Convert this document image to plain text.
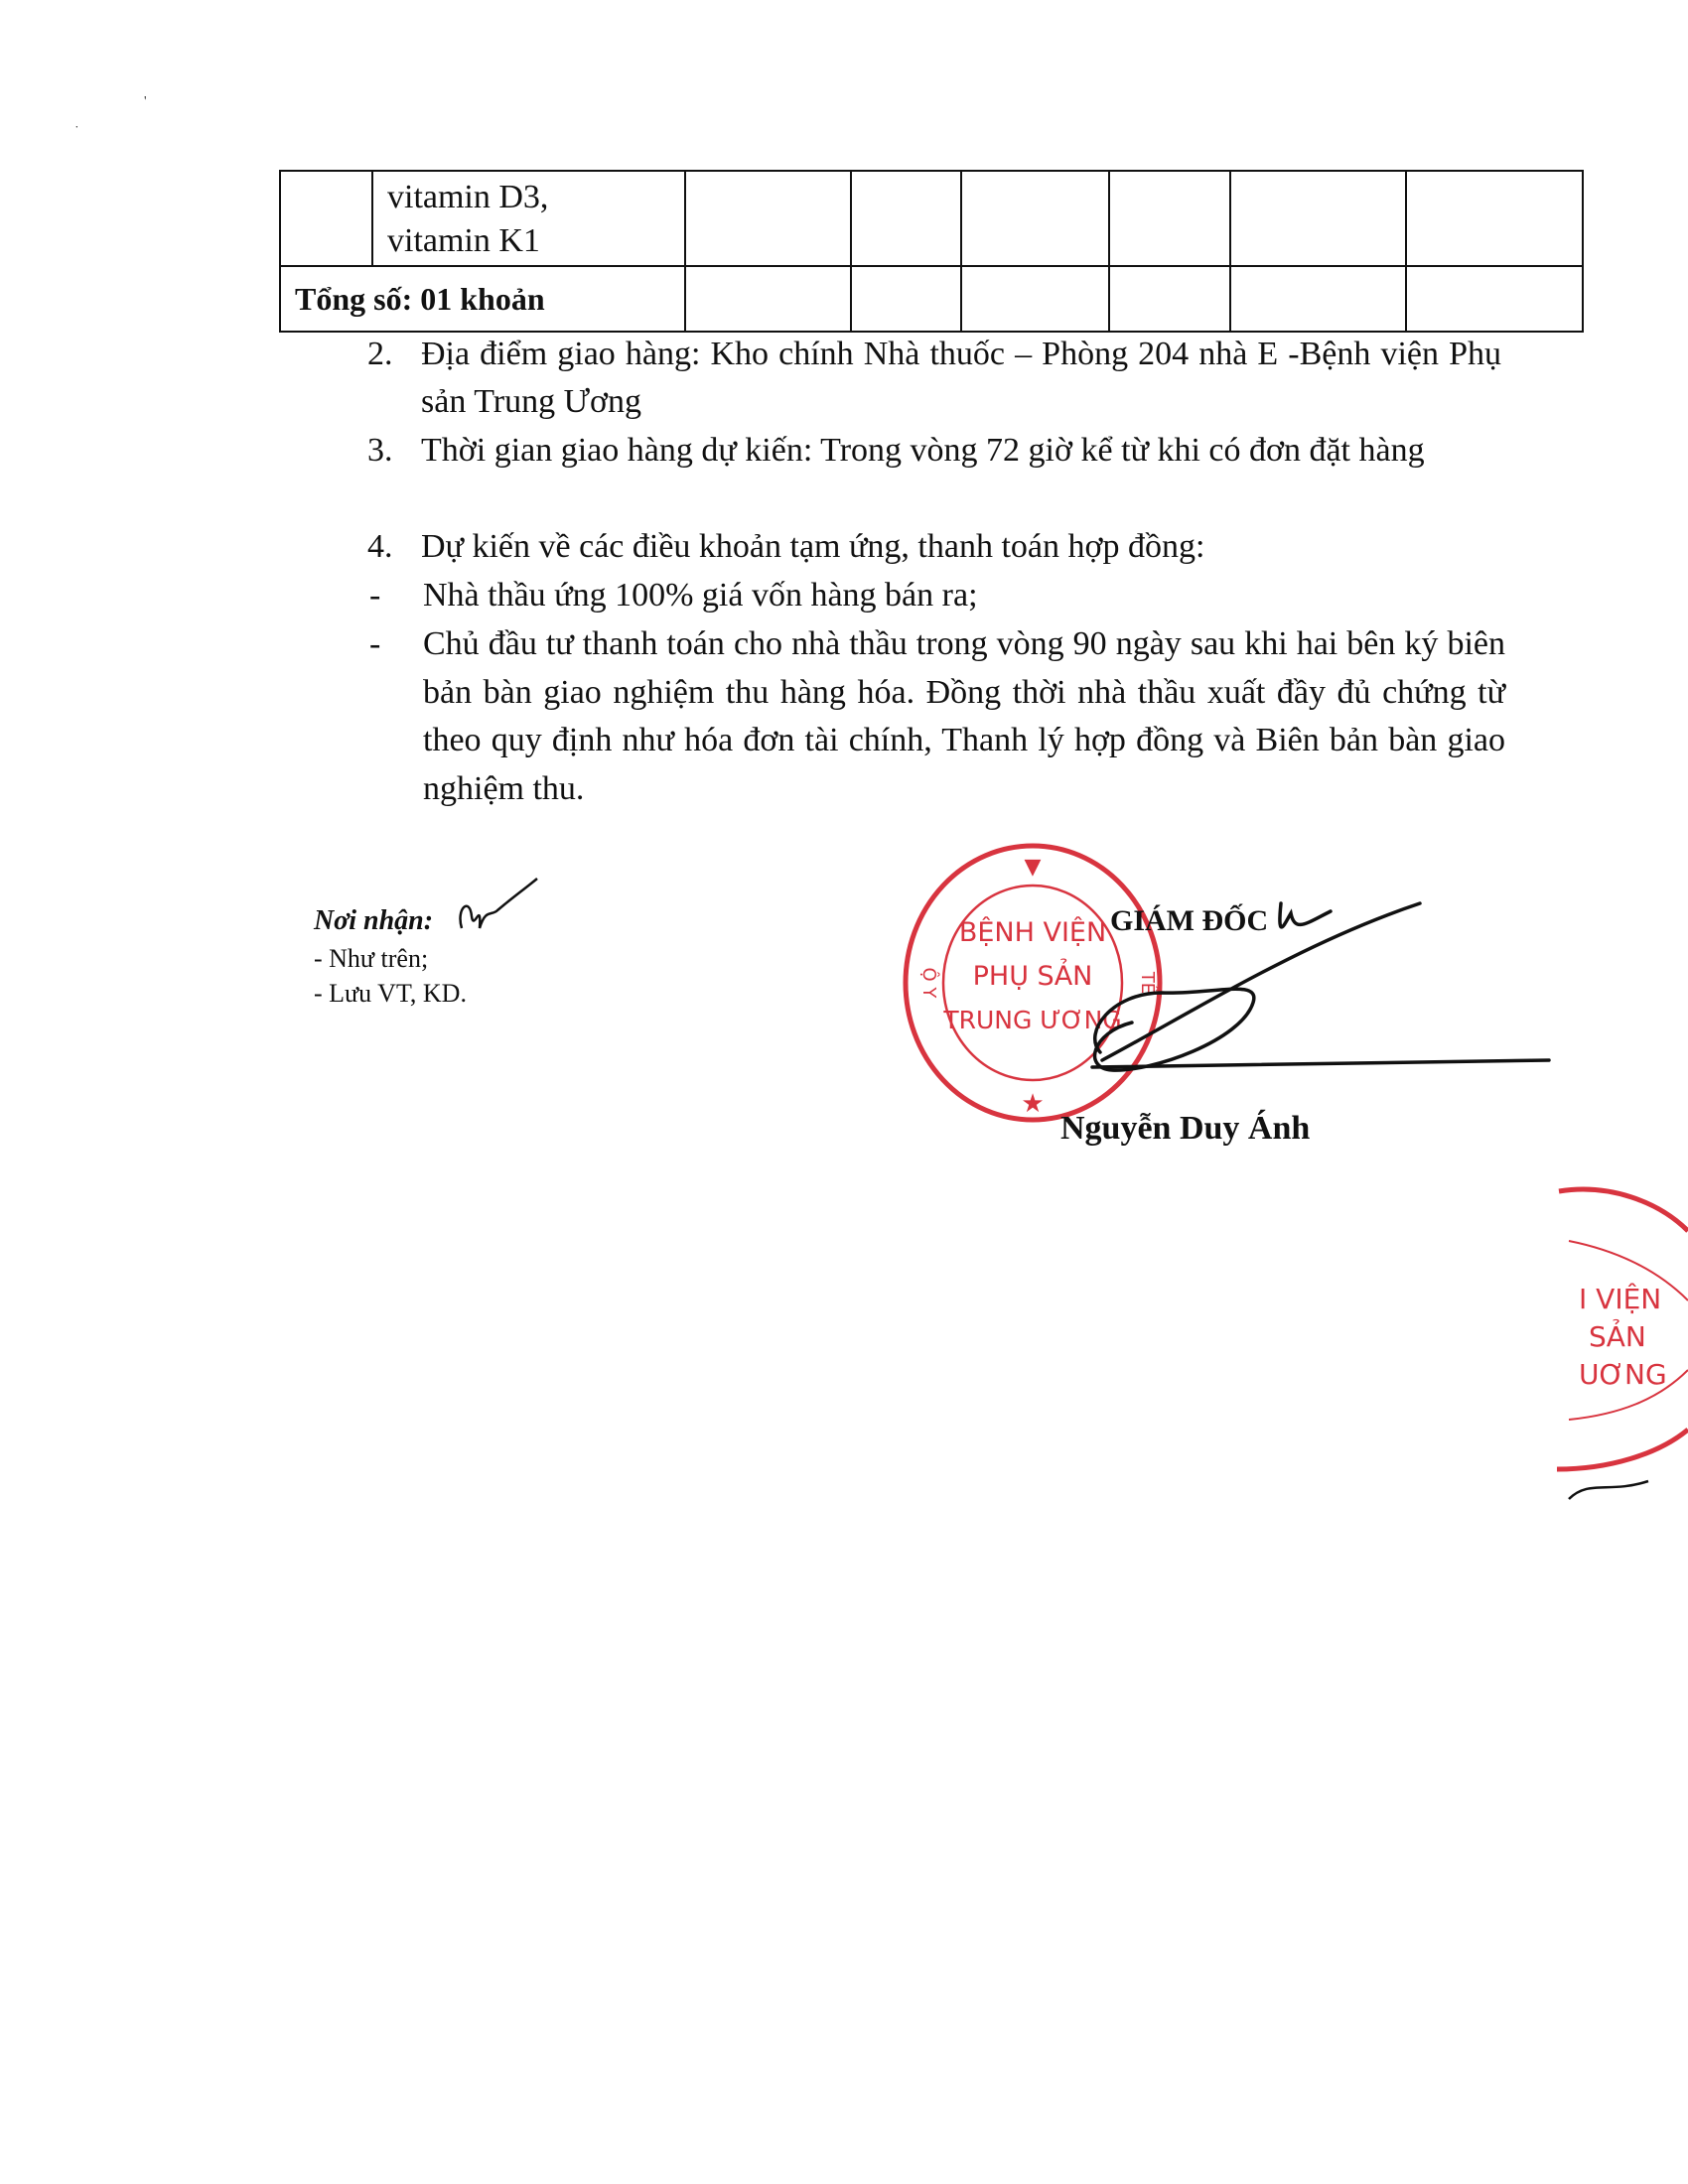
'
˙

	vitamin D3,
vitamin K1						

Tổng số: 01 khoản							
2. Địa điểm giao hàng: Kho chính Nhà thuốc – Phòng 204 nhà E -Bệnh viện Phụ sản Trung Ương
3. Thời gian giao hàng dự kiến: Trong vòng 72 giờ kể từ khi có đơn đặt hàng
4. Dự kiến về các điều khoản tạm ứng, thanh toán hợp đồng:
- Nhà thầu ứng 100% giá vốn hàng bán ra;
- Chủ đầu tư thanh toán cho nhà thầu trong vòng 90 ngày sau khi hai bên ký biên bản bàn giao nghiệm thu hàng hóa. Đồng thời nhà thầu xuất đầy đủ chứng từ theo quy định như hóa đơn tài chính, Thanh lý hợp đồng và Biên bản bàn giao nghiệm thu.
Nơi nhận:
- Như trên;
- Lưu VT, KD.
▼
★
BỆNH VIỆN
PHỤ SẢN
TRUNG ƯƠNG
Ộ Y	TẾ
GIÁM ĐỐC
Nguyễn Duy Ánh
I VIỆN
SẢN
UƠNG
